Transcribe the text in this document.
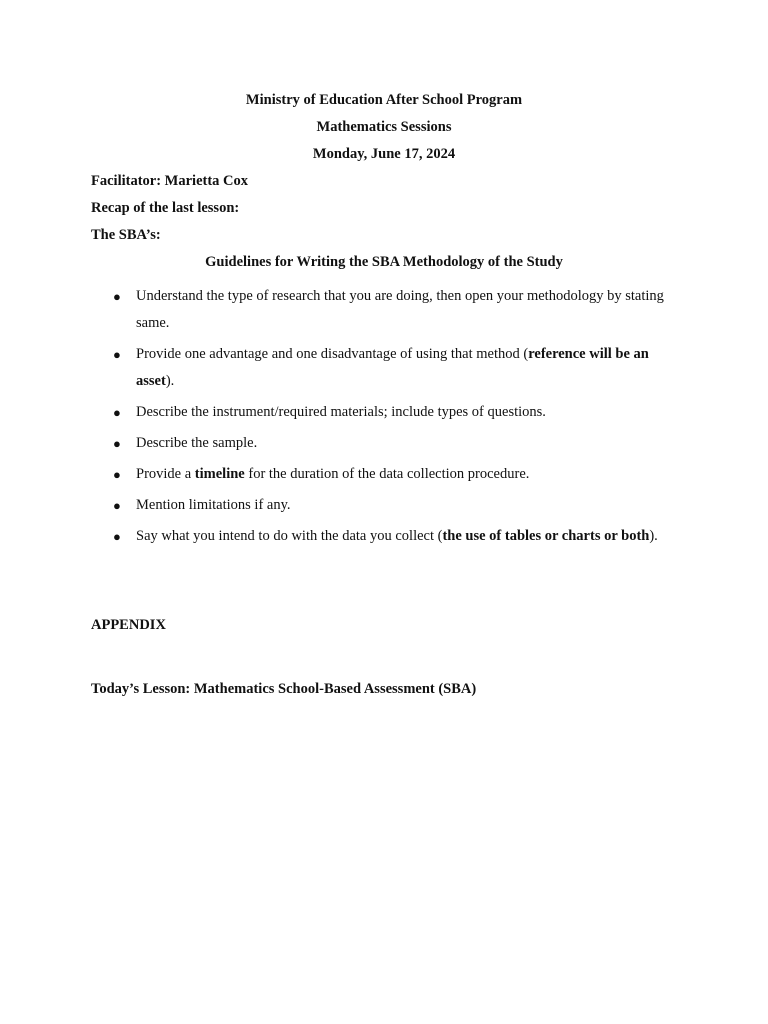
Ministry of Education After School Program
Mathematics Sessions
Monday, June 17, 2024
Facilitator: Marietta Cox
Recap of the last lesson:
The SBA’s:
Guidelines for Writing the SBA Methodology of the Study
● Understand the type of research that you are doing, then open your methodology by stating same.
● Provide one advantage and one disadvantage of using that method (reference will be an asset).
● Describe the instrument/required materials; include types of questions.
● Describe the sample.
● Provide a timeline for the duration of the data collection procedure.
● Mention limitations if any.
● Say what you intend to do with the data you collect (the use of tables or charts or both).
APPENDIX
Today’s Lesson: Mathematics School-Based Assessment (SBA)
